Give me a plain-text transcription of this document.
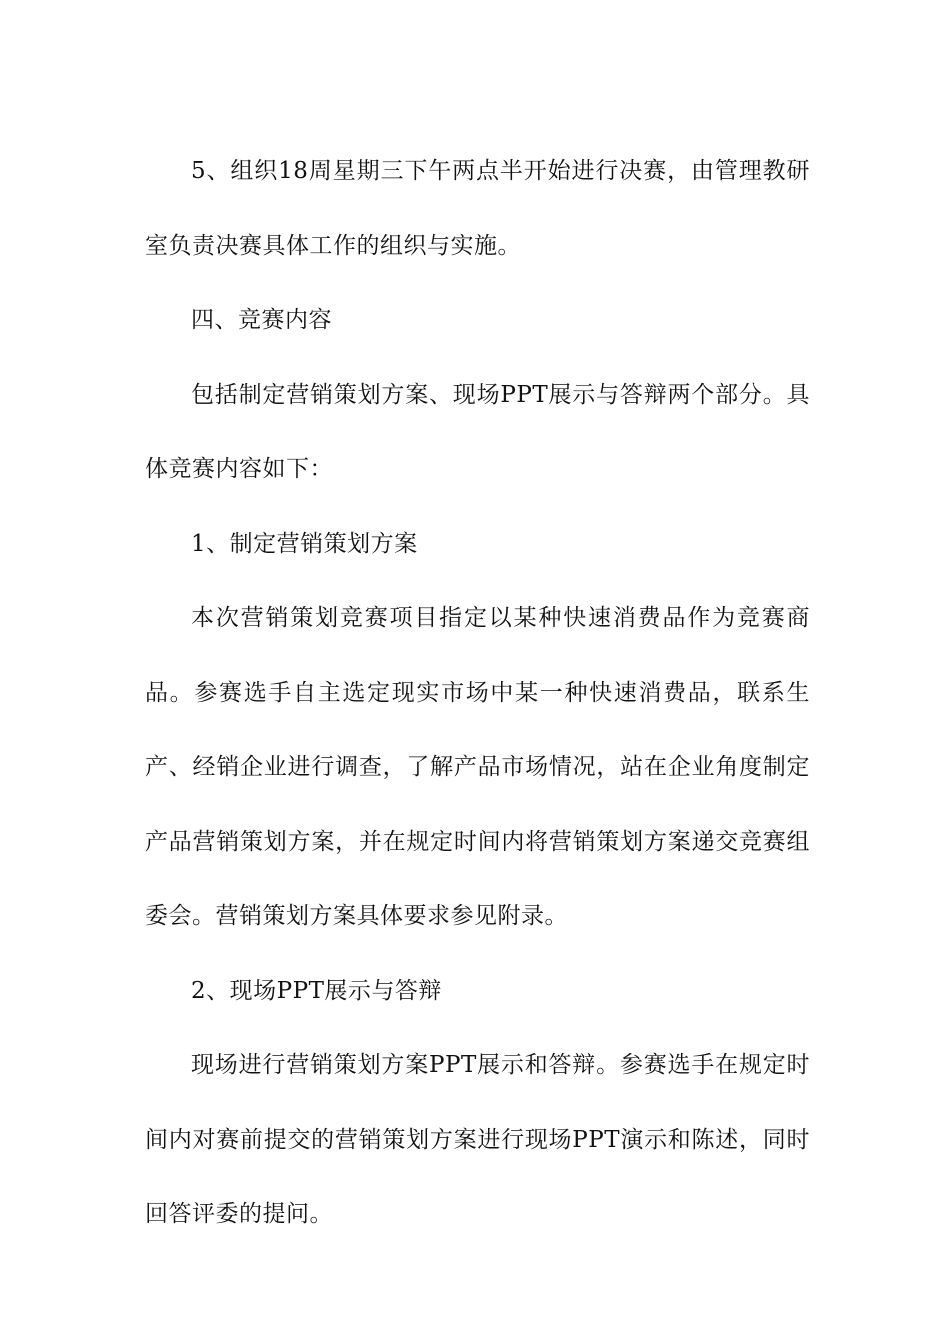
5、组织18周星期三下午两点半开始进行决赛，由管理教研室负责决赛具体工作的组织与实施。

四、竞赛内容

包括制定营销策划方案、现场PPT展示与答辩两个部分。具体竞赛内容如下：

1、制定营销策划方案

本次营销策划竞赛项目指定以某种快速消费品作为竞赛商品。参赛选手自主选定现实市场中某一种快速消费品，联系生产、经销企业进行调查，了解产品市场情况，站在企业角度制定产品营销策划方案，并在规定时间内将营销策划方案递交竞赛组委会。营销策划方案具体要求参见附录。

2、现场PPT展示与答辩

现场进行营销策划方案PPT展示和答辩。参赛选手在规定时间内对赛前提交的营销策划方案进行现场PPT演示和陈述，同时回答评委的提问。
